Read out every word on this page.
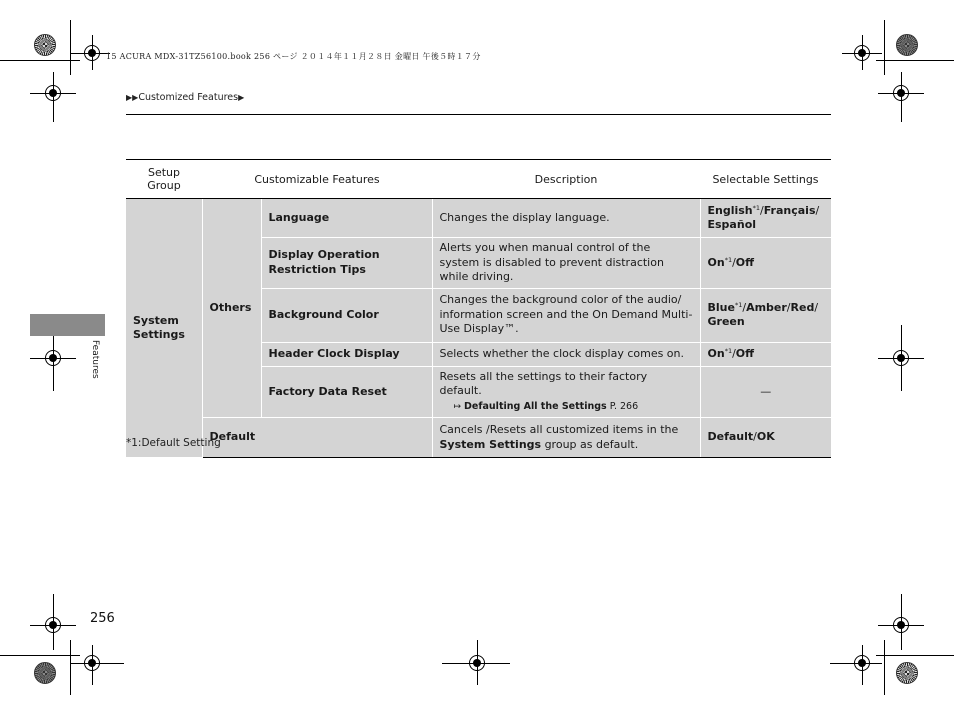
15 ACURA MDX-31TZ56100.book 256 ページ ２０１４年１１月２８日 金曜日 午後５時１７分
▶▶Customized Features▶
Features
Setup Group	Customizable Features		Description	Selectable Settings
System Settings	Others	Language	Changes the display language.	English$^{*1}$/Français/
Español
		Display Operation Restriction Tips	Alerts you when manual control of the system is disabled to prevent distraction while driving.	On$^{*1}$/Off
		Background Color	Changes the background color of the audio/ information screen and the On Demand Multi-Use Display™.	Blue$^{*1}$/Amber/Red/
Green
		Header Clock Display	Selects whether the clock display comes on.	On$^{*1}$/Off
		Factory Data Reset	Resets all the settings to their factory default.
↦ Defaulting All the Settings P. 266	—
	Default		Cancels /Resets all customized items in the
System Settings group as default.	Default/OK
*1:Default Setting
256
